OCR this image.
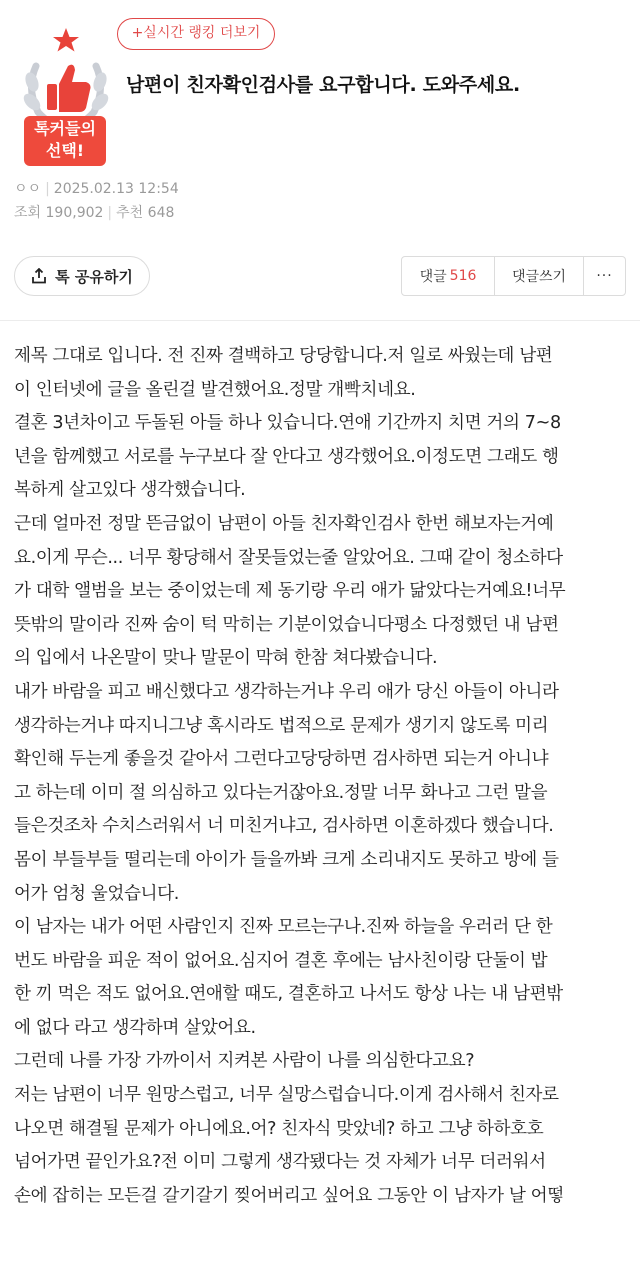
+실시간 랭킹 더보기
톡커들의
선택!
남편이 친자확인검사를 요구합니다. 도와주세요.
ㅇㅇ | 2025.02.13 12:54
조회 190,902 | 추천 648
톡 공유하기	댓글 516	댓글쓰기	···

제목 그대로 입니다. 전 진짜 결백하고 당당합니다.저 일로 싸웠는데 남편

이 인터넷에 글을 올린걸 발견했어요.정말 개빡치네요.

결혼 3년차이고 두돌된 아들 하나 있습니다.연애 기간까지 치면 거의 7~8

년을 함께했고 서로를 누구보다 잘 안다고 생각했어요.이정도면 그래도 행

복하게 살고있다 생각했습니다.

근데 얼마전 정말 뜬금없이 남편이 아들 친자확인검사 한번 해보자는거예

요.이게 무슨... 너무 황당해서 잘못들었는줄 알았어요. 그때 같이 청소하다

가 대학 앨범을 보는 중이었는데 제 동기랑 우리 애가 닮았다는거예요!너무

뜻밖의 말이라 진짜 숨이 턱 막히는 기분이었습니다평소 다정했던 내 남편

의 입에서 나온말이 맞나 말문이 막혀 한참 쳐다봤습니다.

내가 바람을 피고 배신했다고 생각하는거냐 우리 애가 당신 아들이 아니라

생각하는거냐 따지니그냥 혹시라도 법적으로 문제가 생기지 않도록 미리

확인해 두는게 좋을것 같아서 그런다고당당하면 검사하면 되는거 아니냐

고 하는데 이미 절 의심하고 있다는거잖아요.정말 너무 화나고 그런 말을

들은것조차 수치스러워서 너 미친거냐고, 검사하면 이혼하겠다 했습니다.

몸이 부들부들 떨리는데 아이가 들을까봐 크게 소리내지도 못하고 방에 들

어가 엄청 울었습니다.

이 남자는 내가 어떤 사람인지 진짜 모르는구나.진짜 하늘을 우러러 단 한

번도 바람을 피운 적이 없어요.심지어 결혼 후에는 남사친이랑 단둘이 밥

한 끼 먹은 적도 없어요.연애할 때도, 결혼하고 나서도 항상 나는 내 남편밖

에 없다 라고 생각하며 살았어요.

그런데 나를 가장 가까이서 지켜본 사람이 나를 의심한다고요?

저는 남편이 너무 원망스럽고, 너무 실망스럽습니다.이게 검사해서 친자로

나오면 해결될 문제가 아니에요.어? 친자식 맞았네? 하고 그냥 하하호호

넘어가면 끝인가요?전 이미 그렇게 생각됐다는 것 자체가 너무 더러워서

손에 잡히는 모든걸 갈기갈기 찢어버리고 싶어요 그동안 이 남자가 날 어떻
